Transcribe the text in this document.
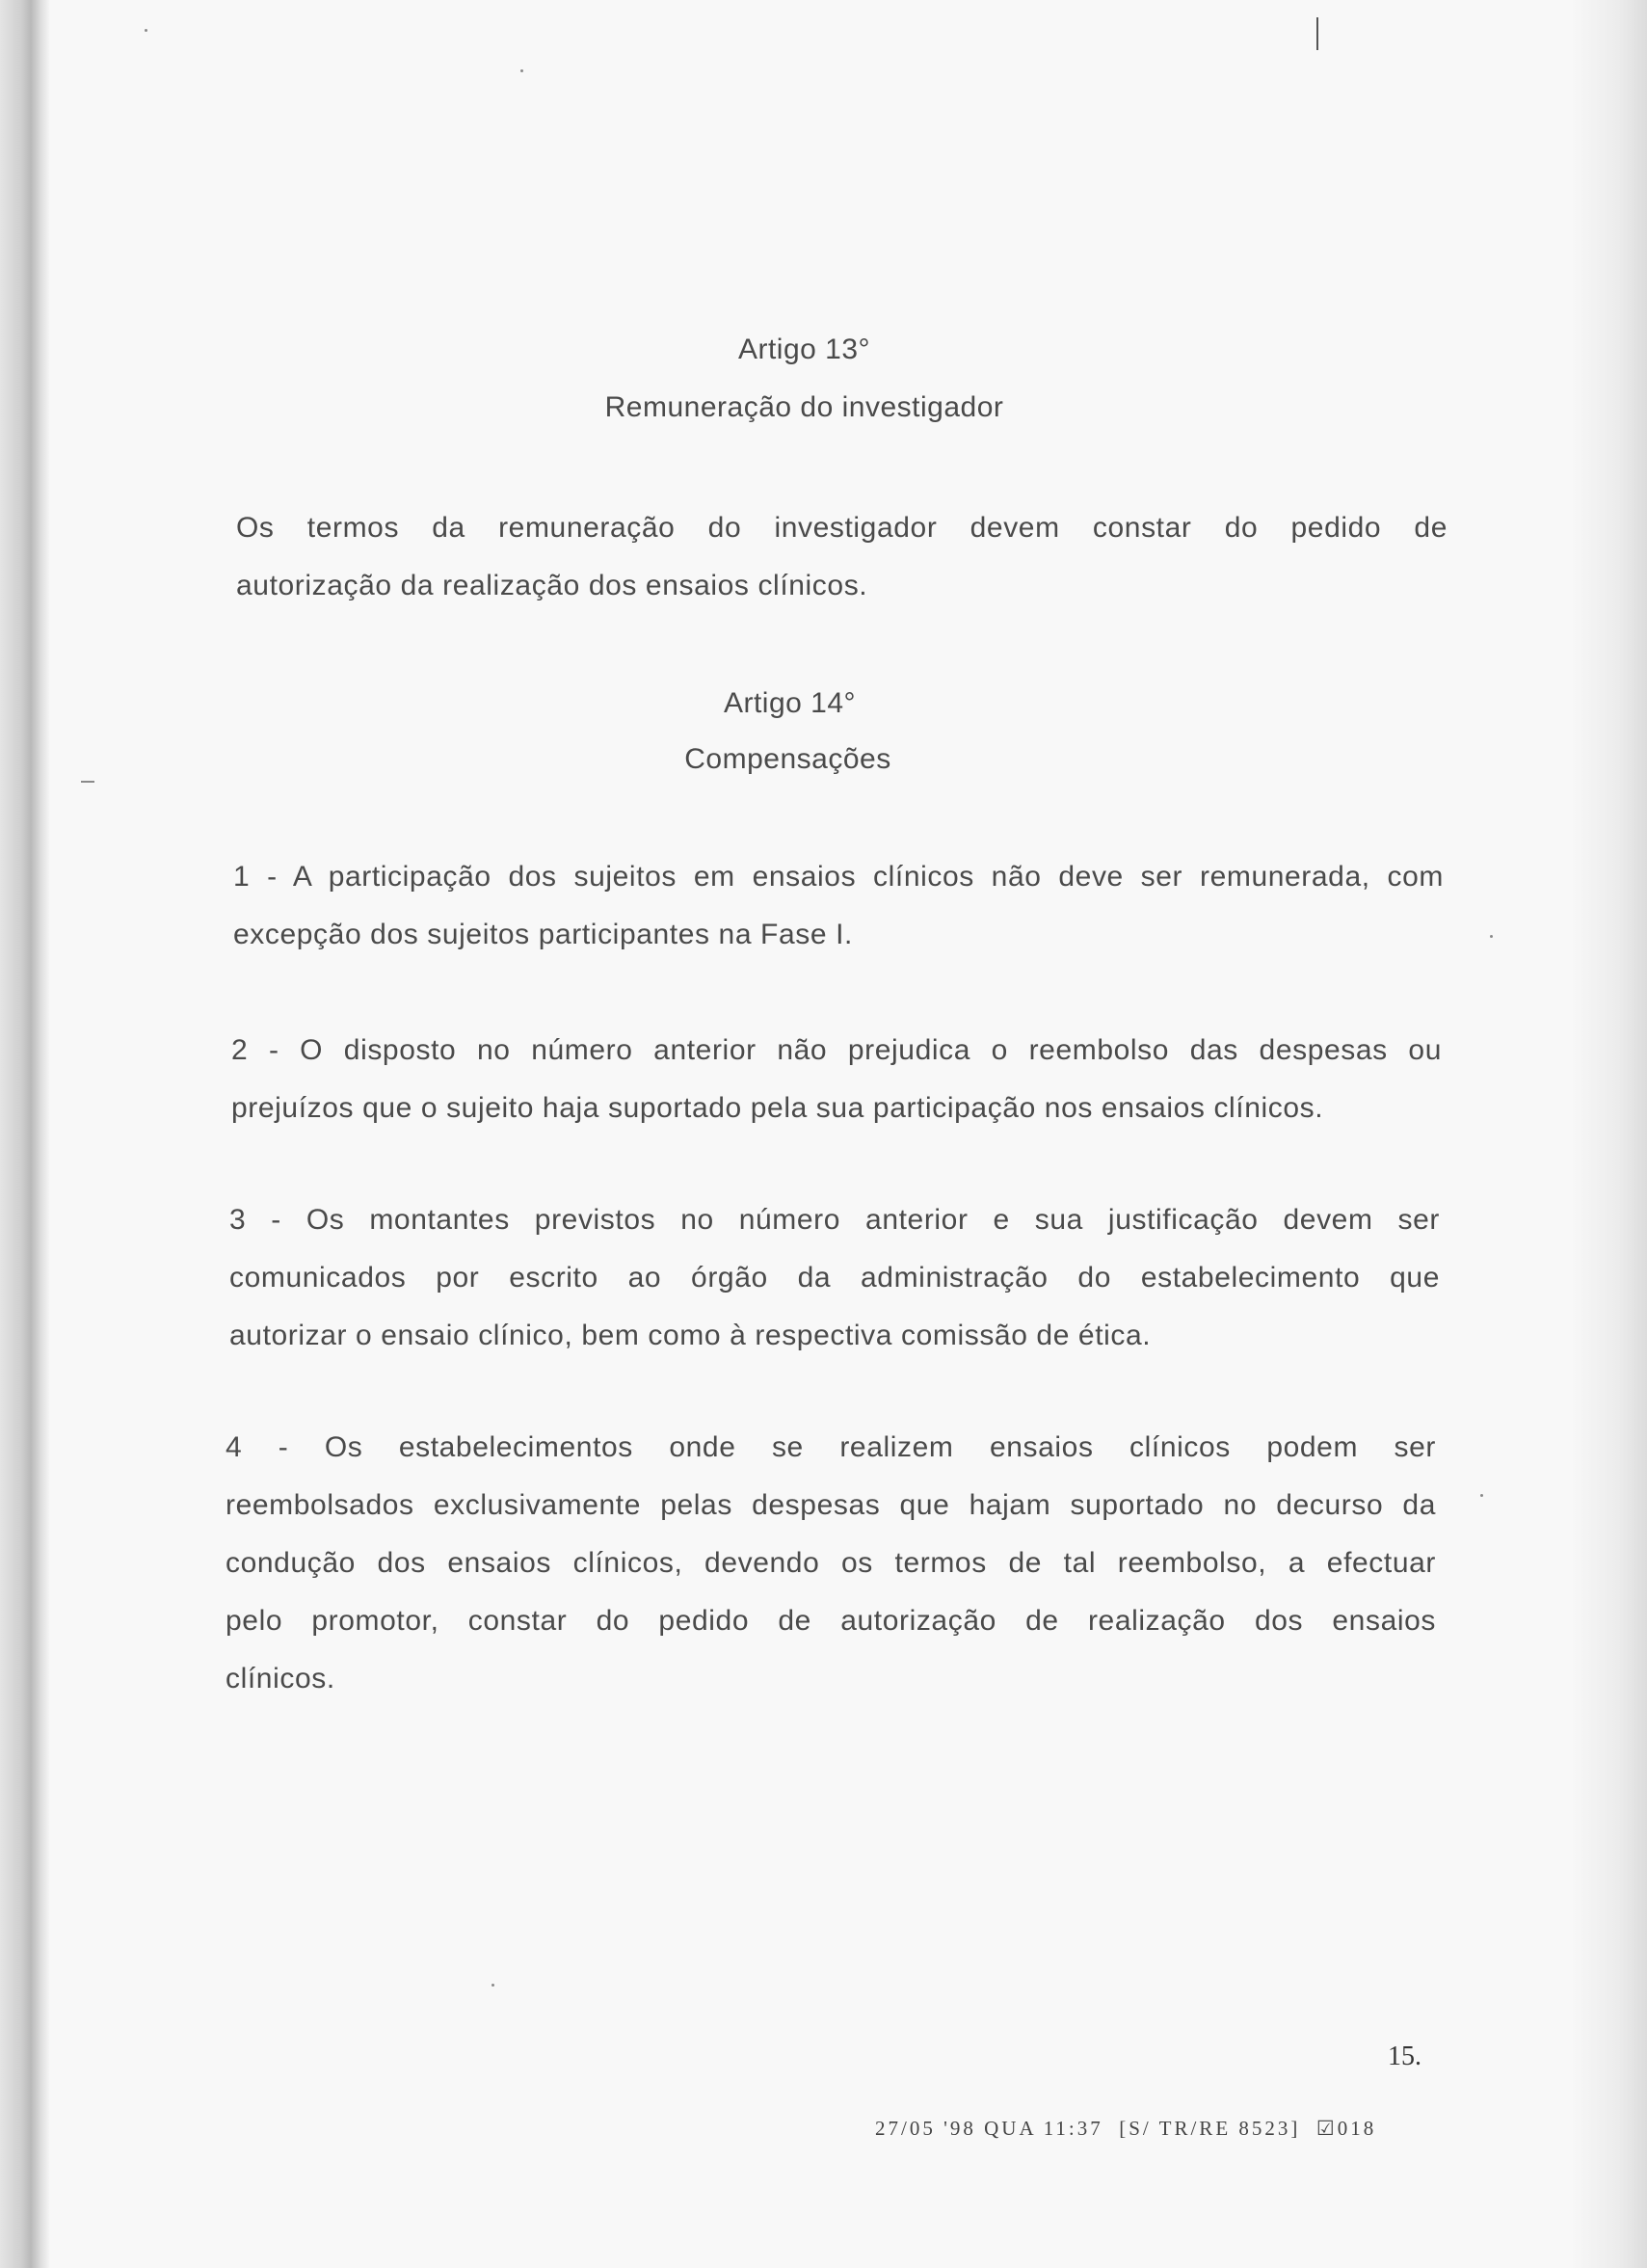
Artigo 13°
Remuneração do investigador

Os termos da remuneração do investigador devem constar do pedido de
autorização da realização dos ensaios clínicos.

Artigo 14°
Compensações

1 - A participação dos sujeitos em ensaios clínicos não deve ser remunerada, com
excepção dos sujeitos participantes na Fase I.

2 - O disposto no número anterior não prejudica o reembolso das despesas ou
prejuízos que o sujeito haja suportado pela sua participação nos ensaios clínicos.

3 - Os montantes previstos no número anterior e sua justificação devem ser
comunicados por escrito ao órgão da administração do estabelecimento que
autorizar o ensaio clínico, bem como à respectiva comissão de ética.

4 - Os estabelecimentos onde se realizem ensaios clínicos podem ser
reembolsados exclusivamente pelas despesas que hajam suportado no decurso da
condução dos ensaios clínicos, devendo os termos de tal reembolso, a efectuar
pelo promotor, constar do pedido de autorização de realização dos ensaios
clínicos.

15.
27/05 '98 QUA 11:37  [S/ TR/RE 8523]  ☑018
